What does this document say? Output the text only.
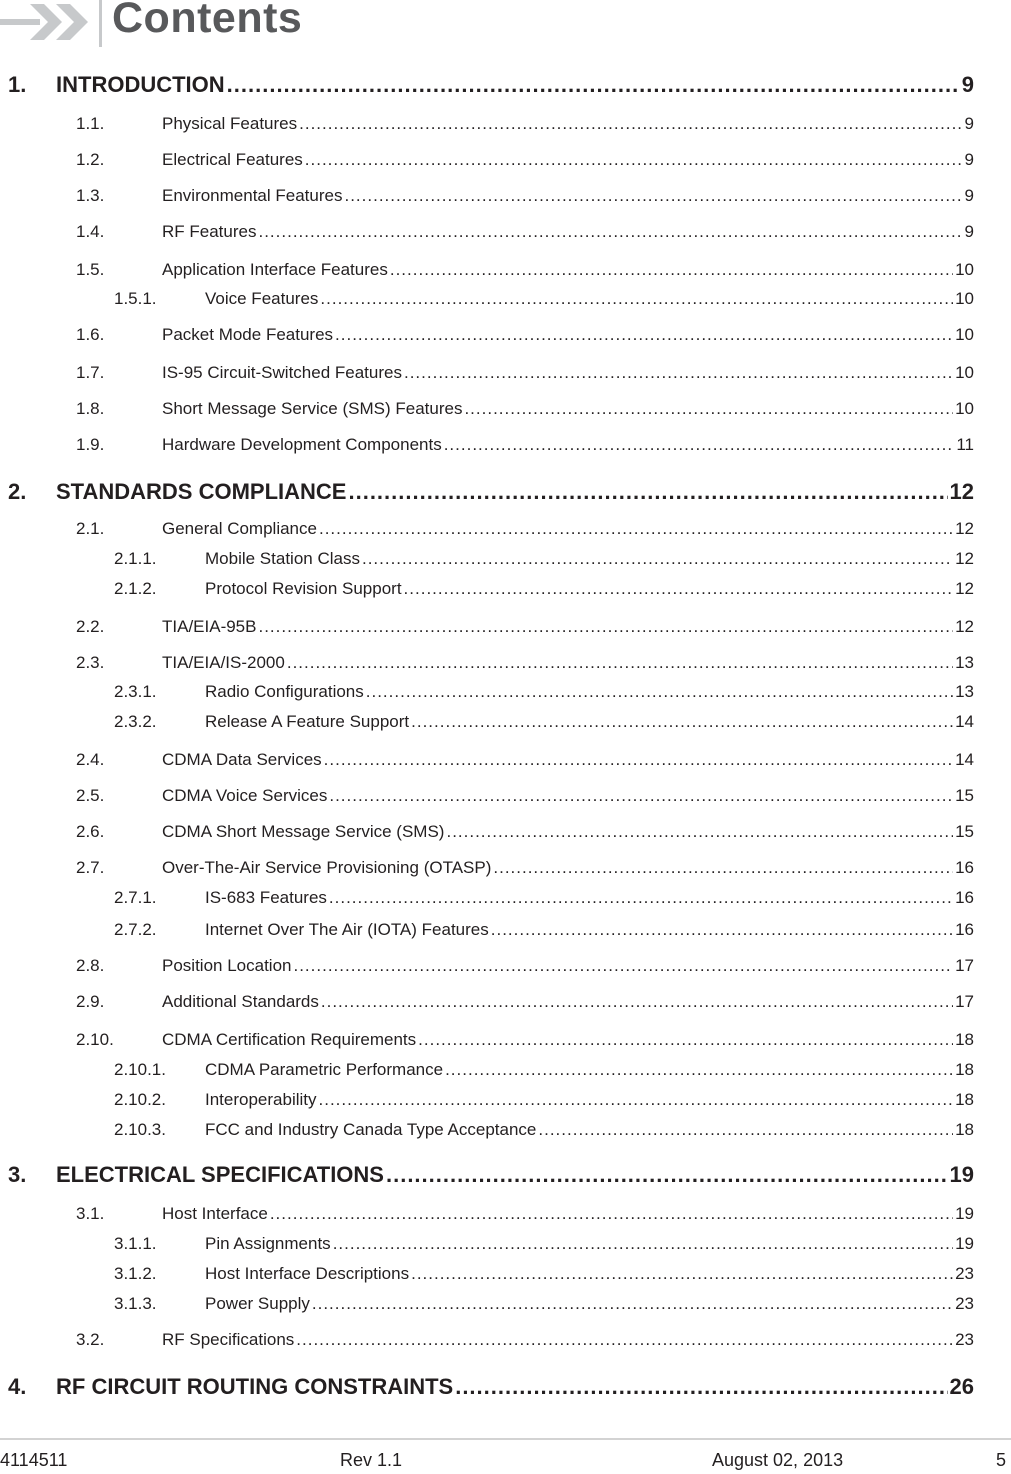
Contents
1.	INTRODUCTION .....	9
1.1.	Physical Features .....	9
1.2.	Electrical Features .....	9
1.3.	Environmental Features .....	9
1.4.	RF Features .....	9
1.5.	Application Interface Features .....	10
1.5.1.	Voice Features .....	10
1.6.	Packet Mode Features .....	10
1.7.	IS-95 Circuit-Switched Features .....	10
1.8.	Short Message Service (SMS) Features .....	10
1.9.	Hardware Development Components .....	11
2.	STANDARDS COMPLIANCE .....	12
2.1.	General Compliance .....	12
2.1.1.	Mobile Station Class .....	12
2.1.2.	Protocol Revision Support .....	12
2.2.	TIA/EIA-95B .....	12
2.3.	TIA/EIA/IS-2000 .....	13
2.3.1.	Radio Configurations .....	13
2.3.2.	Release A Feature Support .....	14
2.4.	CDMA Data Services .....	14
2.5.	CDMA Voice Services .....	15
2.6.	CDMA Short Message Service (SMS) .....	15
2.7.	Over-The-Air Service Provisioning (OTASP) .....	16
2.7.1.	IS-683 Features .....	16
2.7.2.	Internet Over The Air (IOTA) Features .....	16
2.8.	Position Location .....	17
2.9.	Additional Standards .....	17
2.10.	CDMA Certification Requirements .....	18
2.10.1.	CDMA Parametric Performance .....	18
2.10.2.	Interoperability .....	18
2.10.3.	FCC and Industry Canada Type Acceptance .....	18
3.	ELECTRICAL SPECIFICATIONS .....	19
3.1.	Host Interface .....	19
3.1.1.	Pin Assignments .....	19
3.1.2.	Host Interface Descriptions .....	23
3.1.3.	Power Supply .....	23
3.2.	RF Specifications .....	23
4.	RF CIRCUIT ROUTING CONSTRAINTS .....	26
4114511	Rev 1.1	August 02, 2013	5
